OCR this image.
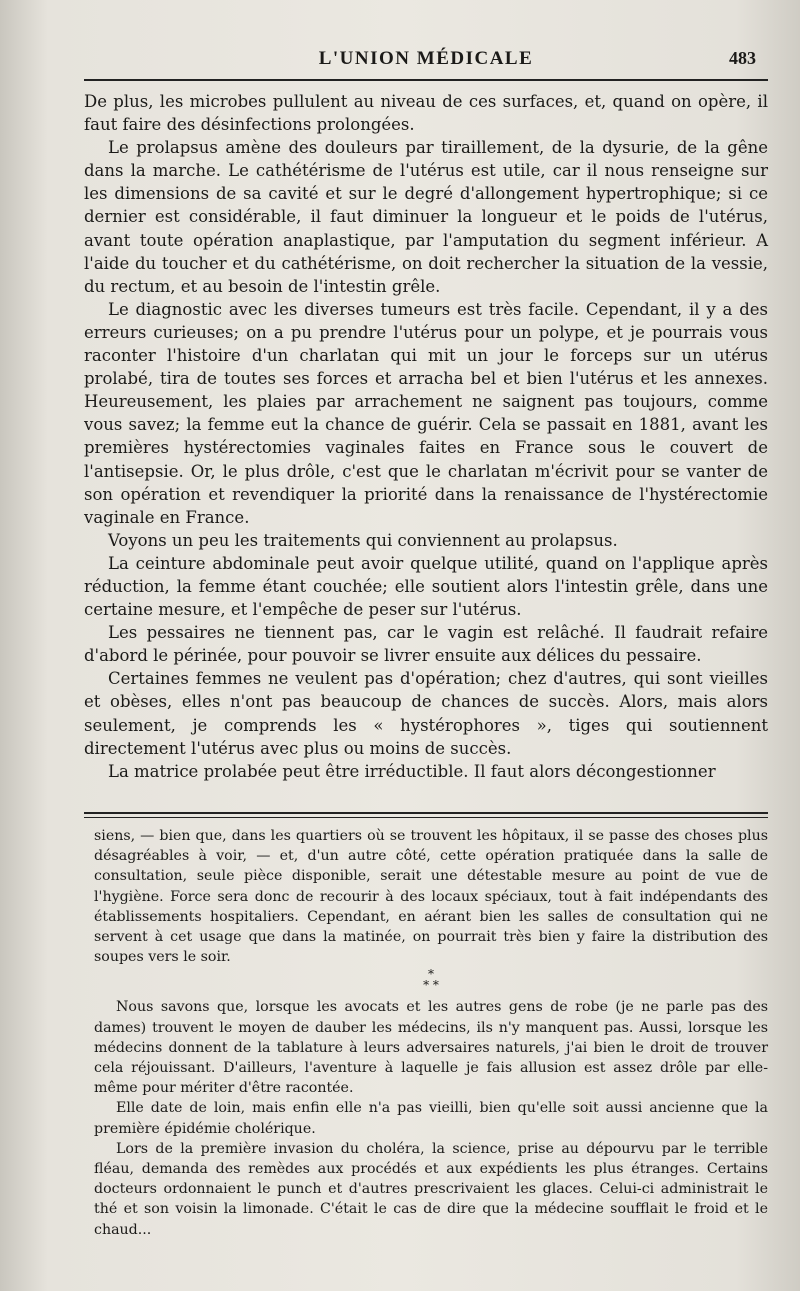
L'UNION MÉDICALE	483

De plus, les microbes pullulent au niveau de ces surfaces, et, quand on opère, il faut faire des désinfections prolongées.

Le prolapsus amène des douleurs par tiraillement, de la dysurie, de la gêne dans la marche. Le cathétérisme de l'utérus est utile, car il nous renseigne sur les dimensions de sa cavité et sur le degré d'allongement hypertrophique; si ce dernier est considérable, il faut diminuer la longueur et le poids de l'utérus, avant toute opération anaplastique, par l'amputation du segment inférieur. A l'aide du toucher et du cathétérisme, on doit rechercher la situation de la vessie, du rectum, et au besoin de l'intestin grêle.

Le diagnostic avec les diverses tumeurs est très facile. Cependant, il y a des erreurs curieuses; on a pu prendre l'utérus pour un polype, et je pourrais vous raconter l'histoire d'un charlatan qui mit un jour le forceps sur un utérus prolabé, tira de toutes ses forces et arracha bel et bien l'utérus et les annexes. Heureusement, les plaies par arrachement ne saignent pas toujours, comme vous savez; la femme eut la chance de guérir. Cela se passait en 1881, avant les premières hystérectomies vaginales faites en France sous le couvert de l'antisepsie. Or, le plus drôle, c'est que le charlatan m'écrivit pour se vanter de son opération et revendiquer la priorité dans la renaissance de l'hystérectomie vaginale en France.

Voyons un peu les traitements qui conviennent au prolapsus.

La ceinture abdominale peut avoir quelque utilité, quand on l'applique après réduction, la femme étant couchée; elle soutient alors l'intestin grêle, dans une certaine mesure, et l'empêche de peser sur l'utérus.

Les pessaires ne tiennent pas, car le vagin est relâché. Il faudrait refaire d'abord le périnée, pour pouvoir se livrer ensuite aux délices du pessaire.

Certaines femmes ne veulent pas d'opération; chez d'autres, qui sont vieilles et obèses, elles n'ont pas beaucoup de chances de succès. Alors, mais alors seulement, je comprends les « hystérophores », tiges qui soutiennent directement l'utérus avec plus ou moins de succès.

La matrice prolabée peut être irréductible. Il faut alors décongestionner

siens, — bien que, dans les quartiers où se trouvent les hôpitaux, il se passe des choses plus désagréables à voir, — et, d'un autre côté, cette opération pratiquée dans la salle de consultation, seule pièce disponible, serait une détestable mesure au point de vue de l'hygiène. Force sera donc de recourir à des locaux spéciaux, tout à fait indépendants des établissements hospitaliers. Cependant, en aérant bien les salles de consultation qui ne servent à cet usage que dans la matinée, on pourrait très bien y faire la distribution des soupes vers le soir.

*
* *

Nous savons que, lorsque les avocats et les autres gens de robe (je ne parle pas des dames) trouvent le moyen de dauber les médecins, ils n'y manquent pas. Aussi, lorsque les médecins donnent de la tablature à leurs adversaires naturels, j'ai bien le droit de trouver cela réjouissant. D'ailleurs, l'aventure à laquelle je fais allusion est assez drôle par elle-même pour mériter d'être racontée.

Elle date de loin, mais enfin elle n'a pas vieilli, bien qu'elle soit aussi ancienne que la première épidémie cholérique.

Lors de la première invasion du choléra, la science, prise au dépourvu par le terrible fléau, demanda des remèdes aux procédés et aux expédients les plus étranges. Certains docteurs ordonnaient le punch et d'autres prescrivaient les glaces. Celui-ci administrait le thé et son voisin la limonade. C'était le cas de dire que la médecine soufflait le froid et le chaud...
